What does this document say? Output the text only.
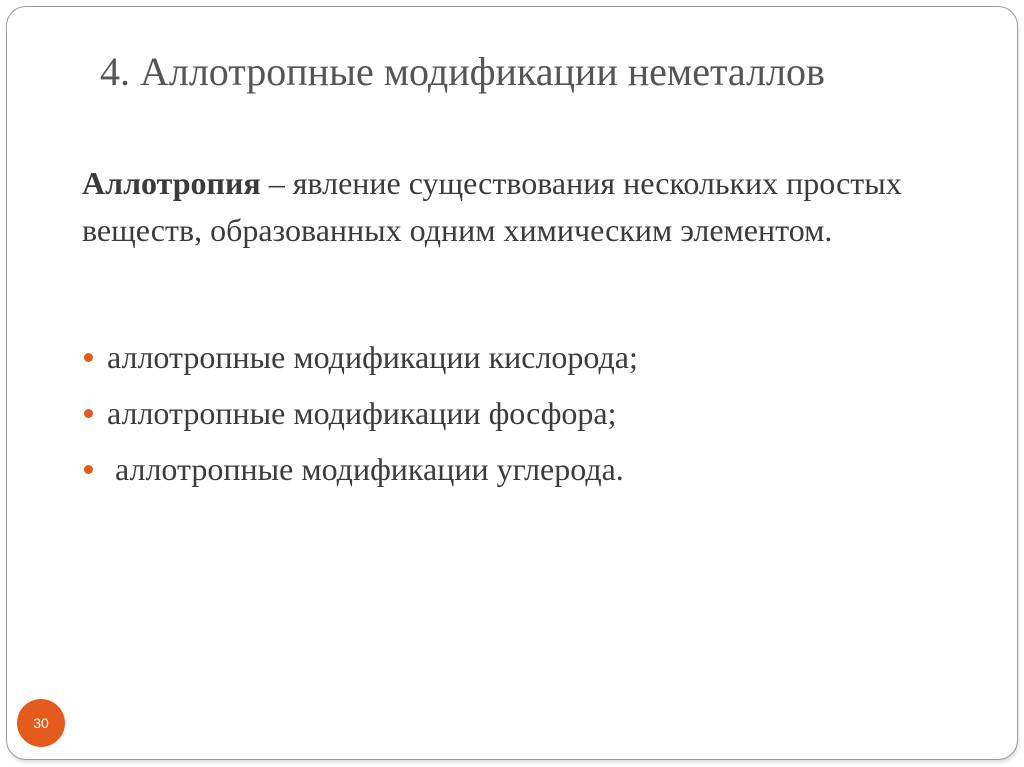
4. Аллотропные модификации неметаллов

Аллотропия – явление существования нескольких простых веществ, образованных одним химическим элементом.

аллотропные модификации кислорода;
аллотропные модификации фосфора;
аллотропные модификации углерода.
30
